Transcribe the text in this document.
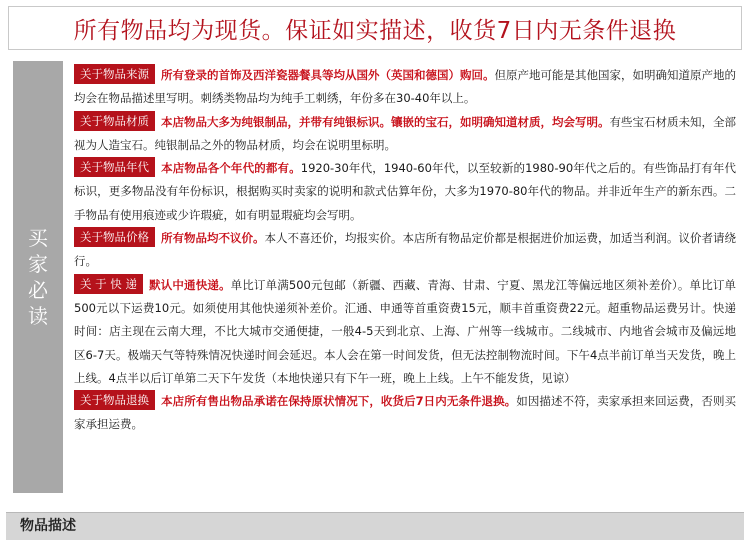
所有物品均为现货。 保证如实描述，收货7日内无条件退换
买家必读

关于物品来源 所有登录的首饰及西洋瓷器餐具等均从国外（英国和德国）购回。但原产地可能是其他国家，如明确知道原产地的均会在物品描述里写明。刺绣类物品均为纯手工刺绣，年份多在30-40年以上。

关于物品材质 本店物品大多为纯银制品，并带有纯银标识。镶嵌的宝石，如明确知道材质，均会写明。有些宝石材质未知，全部视为人造宝石。纯银制品之外的物品材质，均会在说明里标明。

关于物品年代 本店物品各个年代的都有。1920-30年代，1940-60年代，以至较新的1980-90年代之后的。有些饰品打有年代标识，更多物品没有年份标识，根据购买时卖家的说明和款式估算年份，大多为1970-80年代的物品。并非近年生产的新东西。二手物品有使用痕迹或少许瑕疵，如有明显瑕疵均会写明。

关于物品价格 所有物品均不议价。本人不喜还价，均报实价。本店所有物品定价都是根据进价加运费，加适当利润。议价者请绕行。

关 于 快 递 默认中通快递。单比订单满500元包邮（新疆、西藏、青海、甘肃、宁夏、黑龙江等偏远地区须补差价）。单比订单500元以下运费10元。如须使用其他快递须补差价。汇通、申通等首重资费15元，顺丰首重资费22元。超重物品运费另计。快递时间：店主现在云南大理，不比大城市交通便捷，一般4-5天到北京、上海、广州等一线城市。二线城市、内地省会城市及偏远地区6-7天。极端天气等特殊情况快递时间会延迟。本人会在第一时间发货，但无法控制物流时间。下午4点半前订单当天发货，晚上上线。4点半以后订单第二天下午发货（本地快递只有下午一班，晚上上线。上午不能发货，见谅）

关于物品退换 本店所有售出物品承诺在保持原状情况下，收货后7日内无条件退换。如因描述不符，卖家承担来回运费，否则买家承担运费。

物品描述
